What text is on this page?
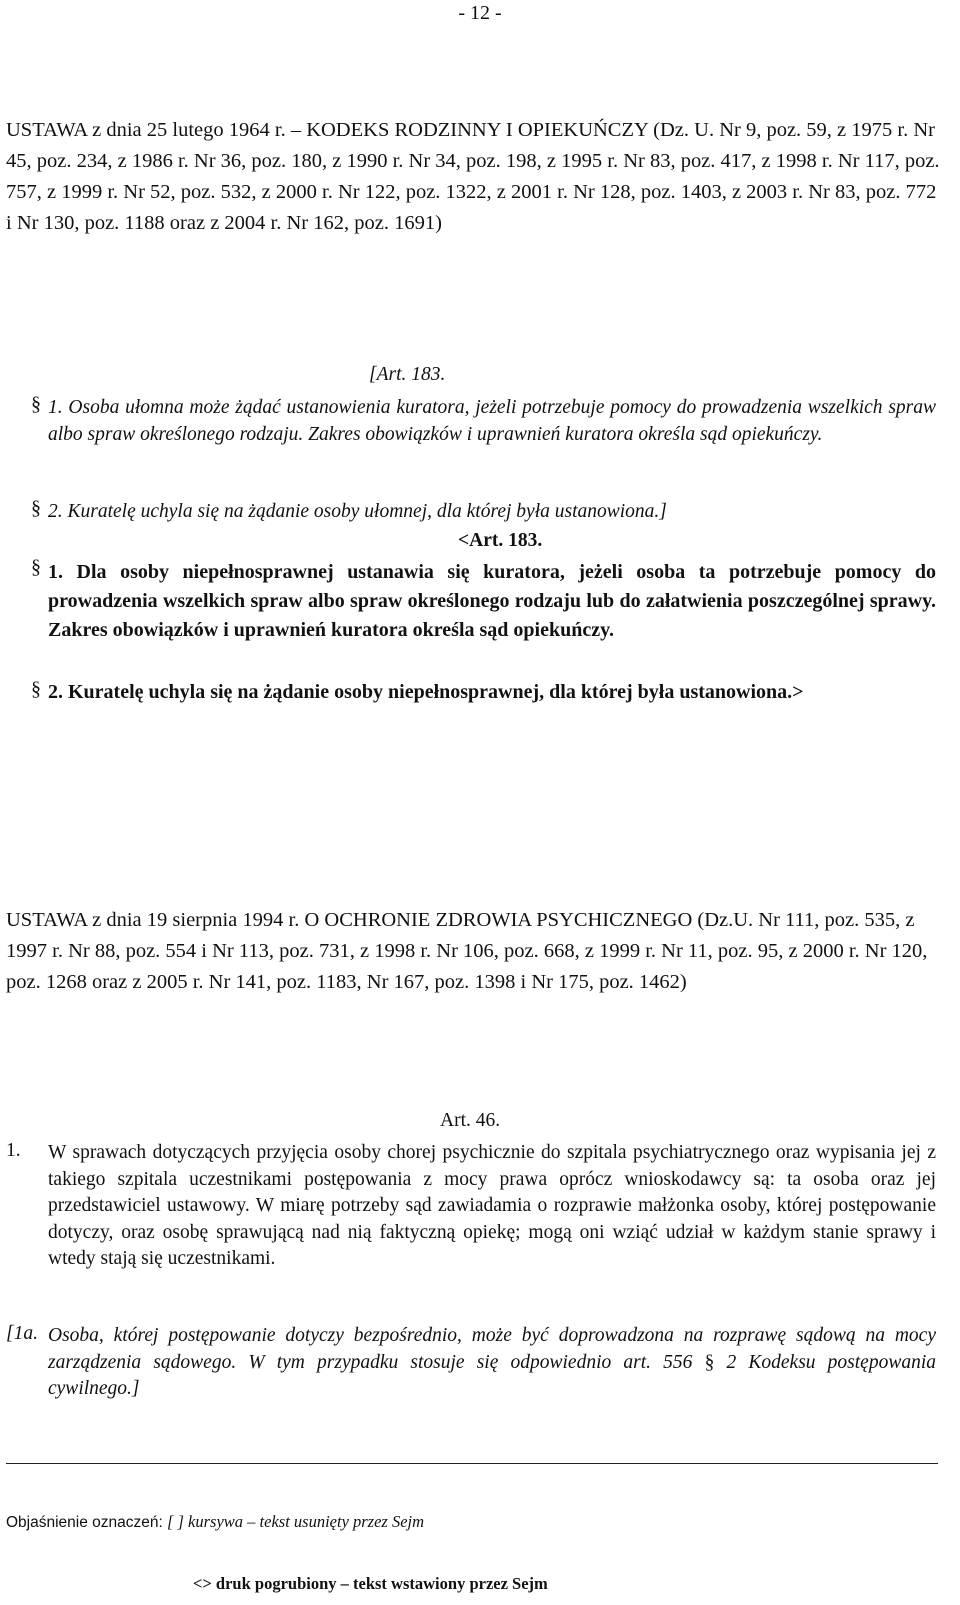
- 12 -

USTAWA z dnia 25 lutego 1964 r. – KODEKS RODZINNY I OPIEKUŃCZY (Dz. U. Nr 9, poz. 59, z 1975 r. Nr 45, poz. 234, z 1986 r. Nr 36, poz. 180, z 1990 r. Nr 34, poz. 198, z 1995 r. Nr 83, poz. 417, z 1998 r. Nr 117, poz. 757, z 1999 r. Nr 52, poz. 532, z 2000 r. Nr 122, poz. 1322, z 2001 r. Nr 128, poz. 1403, z 2003 r. Nr 83, poz. 772 i Nr 130, poz. 1188 oraz z 2004 r. Nr 162, poz. 1691)

[Art. 183.
§ 1. Osoba ułomna może żądać ustanowienia kuratora, jeżeli potrzebuje pomocy do prowadzenia wszelkich spraw albo spraw określonego rodzaju. Zakres obowiązków i uprawnień kuratora określa sąd opiekuńczy.

§ 2. Kuratelę uchyla się na żądanie osoby ułomnej, dla której była ustanowiona.]

<Art. 183.
§ 1. Dla osoby niepełnosprawnej ustanawia się kuratora, jeżeli osoba ta potrzebuje pomocy do prowadzenia wszelkich spraw albo spraw określonego rodzaju lub do załatwienia poszczególnej sprawy. Zakres obowiązków i uprawnień kuratora określa sąd opiekuńczy.

§ 2. Kuratelę uchyla się na żądanie osoby niepełnosprawnej, dla której była ustanowiona.>

USTAWA z dnia 19 sierpnia 1994 r. O OCHRONIE ZDROWIA PSYCHICZNEGO (Dz.U. Nr 111, poz. 535, z 1997 r. Nr 88, poz. 554 i Nr 113, poz. 731, z 1998 r. Nr 106, poz. 668, z 1999 r. Nr 11, poz. 95, z 2000 r. Nr 120, poz. 1268 oraz z 2005 r. Nr 141, poz. 1183, Nr 167, poz. 1398 i Nr 175, poz. 1462)

Art. 46.
1. W sprawach dotyczących przyjęcia osoby chorej psychicznie do szpitala psychiatrycznego oraz wypisania jej z takiego szpitala uczestnikami postępowania z mocy prawa oprócz wnioskodawcy są: ta osoba oraz jej przedstawiciel ustawowy. W miarę potrzeby sąd zawiadamia o rozprawie małżonka osoby, której postępowanie dotyczy, oraz osobę sprawującą nad nią faktyczną opiekę; mogą oni wziąć udział w każdym stanie sprawy i wtedy stają się uczestnikami.

[1a. Osoba, której postępowanie dotyczy bezpośrednio, może być doprowadzona na rozprawę sądową na mocy zarządzenia sądowego. W tym przypadku stosuje się odpowiednio art. 556 § 2 Kodeksu postępowania cywilnego.]

Objaśnienie oznaczeń: [ ] kursywa – tekst usunięty przez Sejm
<> druk pogrubiony – tekst wstawiony przez Sejm
